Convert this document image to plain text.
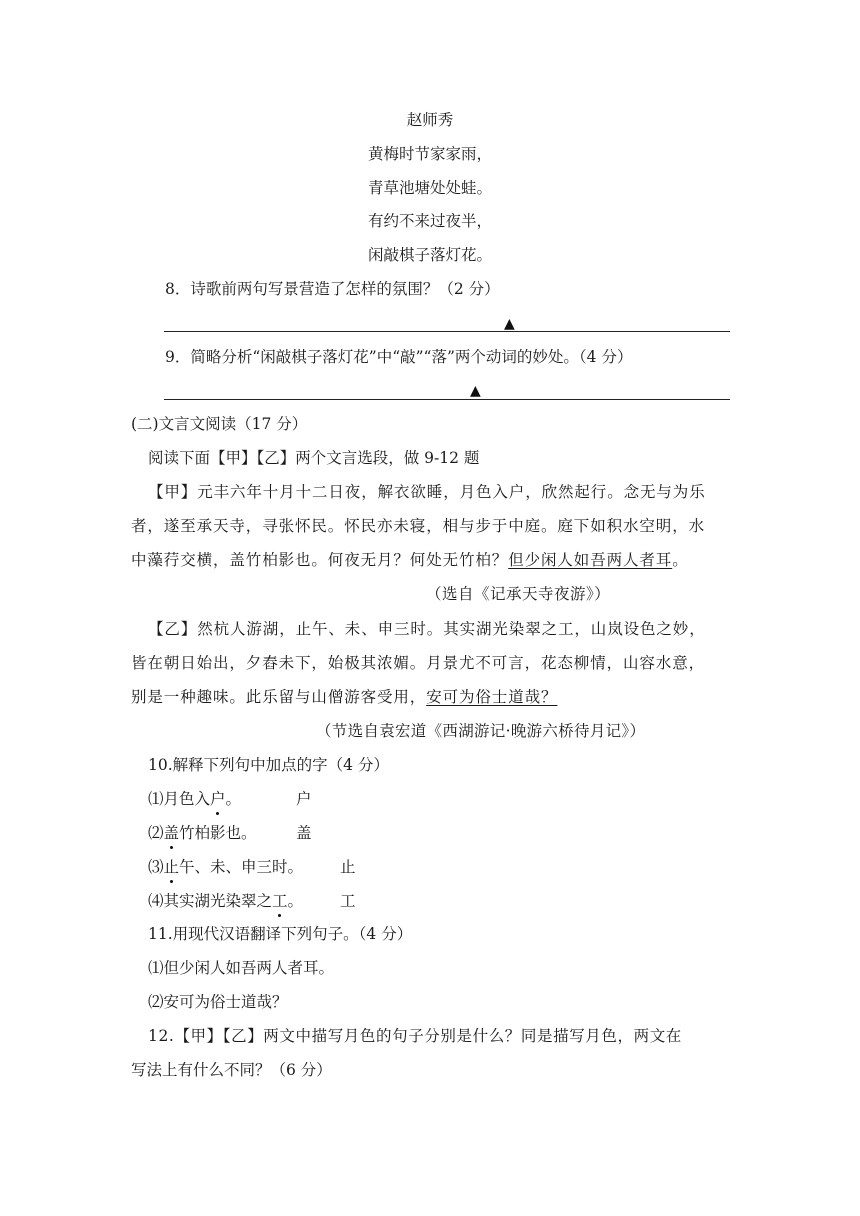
赵师秀
黄梅时节家家雨，
青草池塘处处蛙。
有约不来过夜半，
闲敲棋子落灯花。
8．诗歌前两句写景营造了怎样的氛围？（2 分）
▲
9．简略分析“闲敲棋子落灯花”中“敲”“落”两个动词的妙处。（4 分）
▲
(二)文言文阅读（17 分）
阅读下面【甲】【乙】两个文言选段，做 9-12 题
【甲】元丰六年十月十二日夜，解衣欲睡，月色入户，欣然起行。念无与为乐
者，遂至承天寺，寻张怀民。怀民亦未寝，相与步于中庭。庭下如积水空明，水
中藻荇交横，盖竹柏影也。何夜无月？何处无竹柏？但少闲人如吾两人者耳。
（选自《记承天寺夜游》）
【乙】然杭人游湖，止午、未、申三时。其实湖光染翠之工，山岚设色之妙，
皆在朝日始出，夕舂未下，始极其浓媚。月景尤不可言，花态柳情，山容水意，
别是一种趣味。此乐留与山僧游客受用，安可为俗士道哉？
（节选自袁宏道《西湖游记·晚游六桥待月记》）
10.解释下列句中加点的字（4 分）
⑴月色入户。	户
⑵盖竹柏影也。	盖
⑶止午、未、申三时。 止
⑷其实湖光染翠之工。 工
11.用现代汉语翻译下列句子。（4 分）
⑴但少闲人如吾两人者耳。
⑵安可为俗士道哉？
12.【甲】【乙】两文中描写月色的句子分别是什么？同是描写月色，两文在
写法上有什么不同？（6 分）
